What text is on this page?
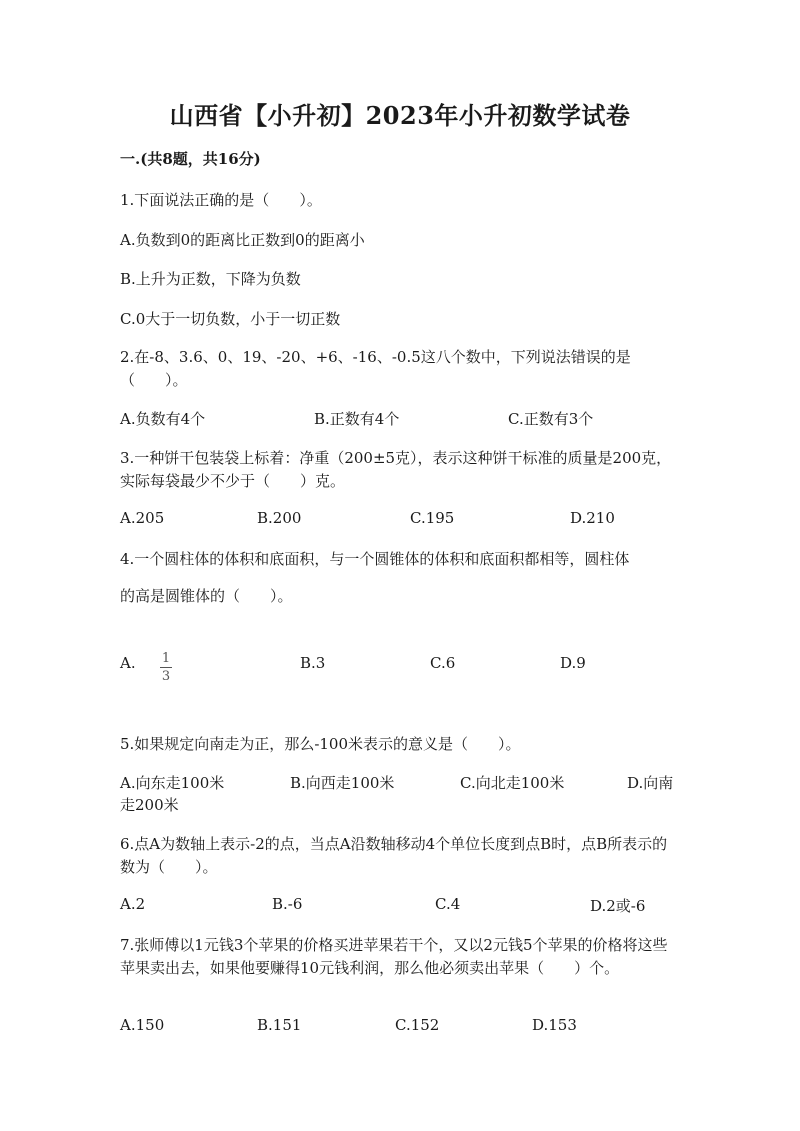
山西省【小升初】2023年小升初数学试卷
一.(共8题，共16分)
1.下面说法正确的是（　　）。
A.负数到0的距离比正数到0的距离小
B.上升为正数，下降为负数
C.0大于一切负数，小于一切正数
2.在-8、3.6、0、19、-20、+6、-16、-0.5这八个数中，下列说法错误的是（　　）。
A.负数有4个	B.正数有4个	C.正数有3个
3.一种饼干包装袋上标着：净重（200±5克），表示这种饼干标准的质量是200克，实际每袋最少不少于（　　）克。
A.205	B.200	C.195	D.210
4.一个圆柱体的体积和底面积，与一个圆锥体的体积和底面积都相等，圆柱体
的高是圆锥体的（　　）。
A. $\frac{1}{3}$	B.3	C.6	D.9
5.如果规定向南走为正，那么-100米表示的意义是（　　）。
A.向东走100米	B.向西走100米	C.向北走100米	D.向南
走200米
6.点A为数轴上表示-2的点，当点A沿数轴移动4个单位长度到点B时，点B所表示的数为（　　）。
A.2	B.-6	C.4	D.2或-6
7.张师傅以1元钱3个苹果的价格买进苹果若干个，又以2元钱5个苹果的价格将这些苹果卖出去，如果他要赚得10元钱利润，那么他必须卖出苹果（　　）个。
A.150	B.151	C.152	D.153
